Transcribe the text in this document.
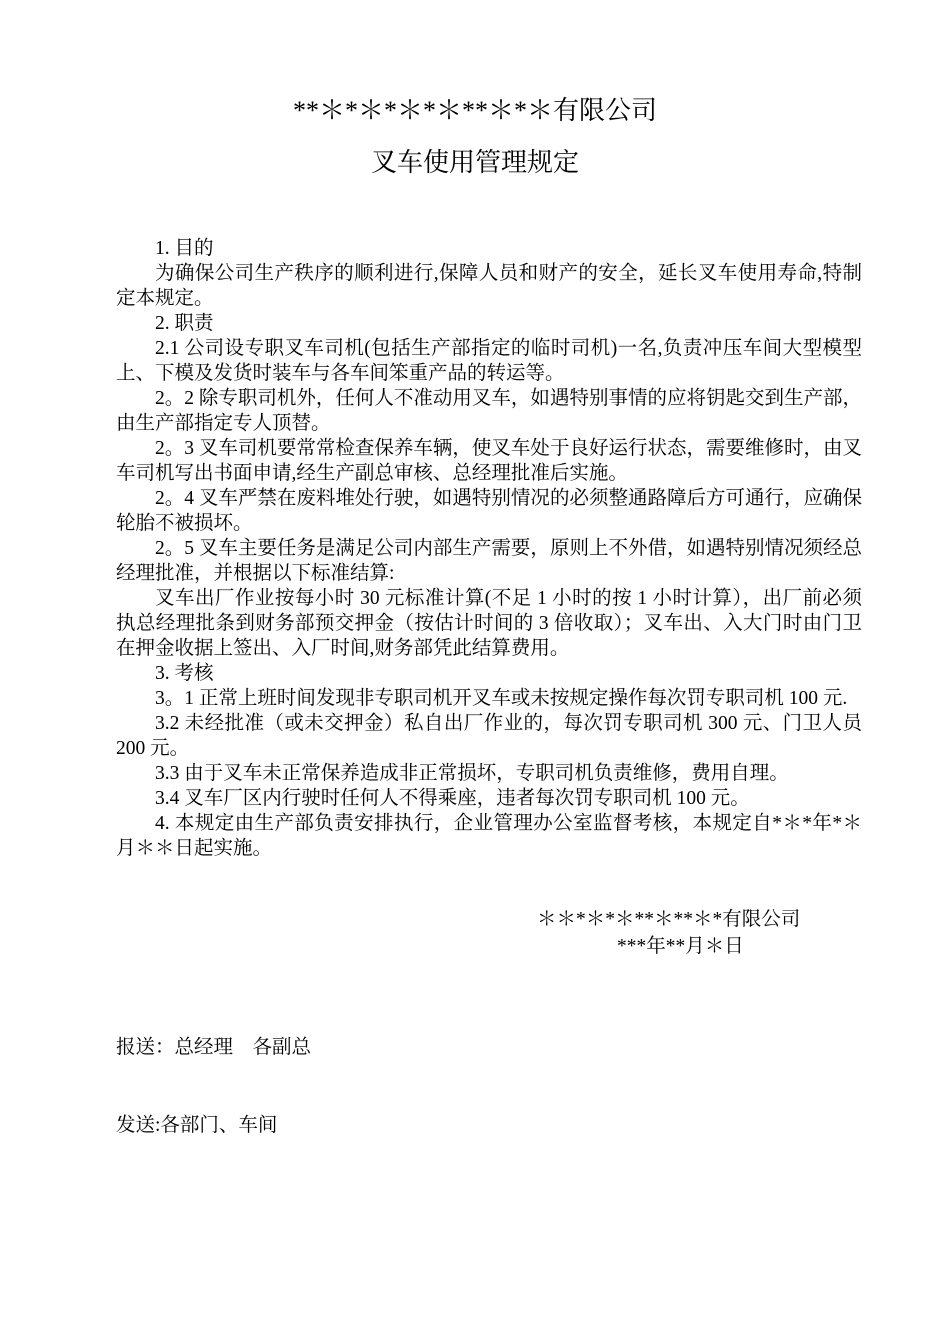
**＊*＊*＊*＊**＊*＊有限公司
叉车使用管理规定

1. 目的

为确保公司生产秩序的顺利进行,保障人员和财产的安全，延长叉车使用寿命,特制定本规定。

2. 职责

2.1 公司设专职叉车司机(包括生产部指定的临时司机)一名,负责冲压车间大型模型上、下模及发货时装车与各车间笨重产品的转运等。

2。2 除专职司机外，任何人不准动用叉车，如遇特别事情的应将钥匙交到生产部，由生产部指定专人顶替。

2。3 叉车司机要常常检查保养车辆，使叉车处于良好运行状态，需要维修时，由叉车司机写出书面申请,经生产副总审核、总经理批准后实施。

2。4 叉车严禁在废料堆处行驶，如遇特别情况的必须整通路障后方可通行，应确保轮胎不被损坏。

2。5 叉车主要任务是满足公司内部生产需要，原则上不外借，如遇特别情况须经总经理批准，并根据以下标准结算:

叉车出厂作业按每小时 30 元标准计算(不足 1 小时的按 1 小时计算），出厂前必须执总经理批条到财务部预交押金（按估计时间的 3 倍收取）；叉车出、入大门时由门卫在押金收据上签出、入厂时间,财务部凭此结算费用。

3. 考核

3。1 正常上班时间发现非专职司机开叉车或未按规定操作每次罚专职司机 100 元.

3.2 未经批准（或未交押金）私自出厂作业的，每次罚专职司机 300 元、门卫人员 200 元。

3.3 由于叉车未正常保养造成非正常损坏，专职司机负责维修，费用自理。

3.4 叉车厂区内行驶时任何人不得乘座，违者每次罚专职司机 100 元。

4. 本规定由生产部负责安排执行，企业管理办公室监督考核，本规定自*＊*年*＊月＊＊日起实施。

＊＊*＊*＊**＊**＊*有限公司
***年**月＊日

报送：总经理    各副总

发送:各部门、车间
